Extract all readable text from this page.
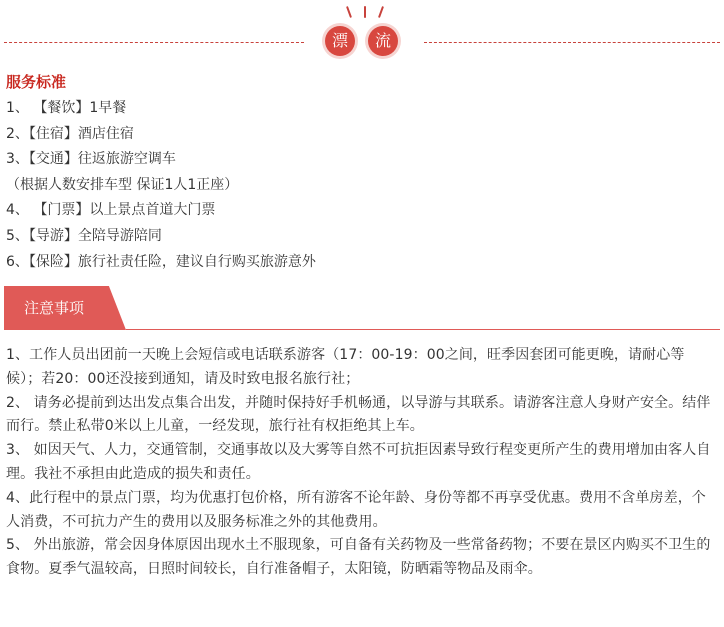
漂	流
服务标准
1、 【餐饮】1早餐
2、【住宿】酒店住宿
3、【交通】往返旅游空调车
（根据人数安排车型 保证1人1正座）
4、 【门票】以上景点首道大门票
5、【导游】全陪导游陪同
6、【保险】旅行社责任险，建议自行购买旅游意外
注意事项

1、工作人员出团前一天晚上会短信或电话联系游客（17：00-19：00之间，旺季因套团可能更晚，请耐心等候）；若20：00还没接到通知，请及时致电报名旅行社；

2、 请务必提前到达出发点集合出发，并随时保持好手机畅通，以导游与其联系。请游客注意人身财产安全。结伴而行。禁止私带0米以上儿童，一经发现，旅行社有权拒绝其上车。

3、 如因天气、人力，交通管制，交通事故以及大雾等自然不可抗拒因素导致行程变更所产生的费用增加由客人自理。我社不承担由此造成的损失和责任。

4、此行程中的景点门票，均为优惠打包价格，所有游客不论年龄、身份等都不再享受优惠。费用不含单房差，个人消费，不可抗力产生的费用以及服务标准之外的其他费用。

5、 外出旅游，常会因身体原因出现水土不服现象，可自备有关药物及一些常备药物；不要在景区内购买不卫生的食物。夏季气温较高，日照时间较长，自行准备帽子，太阳镜，防晒霜等物品及雨伞。
